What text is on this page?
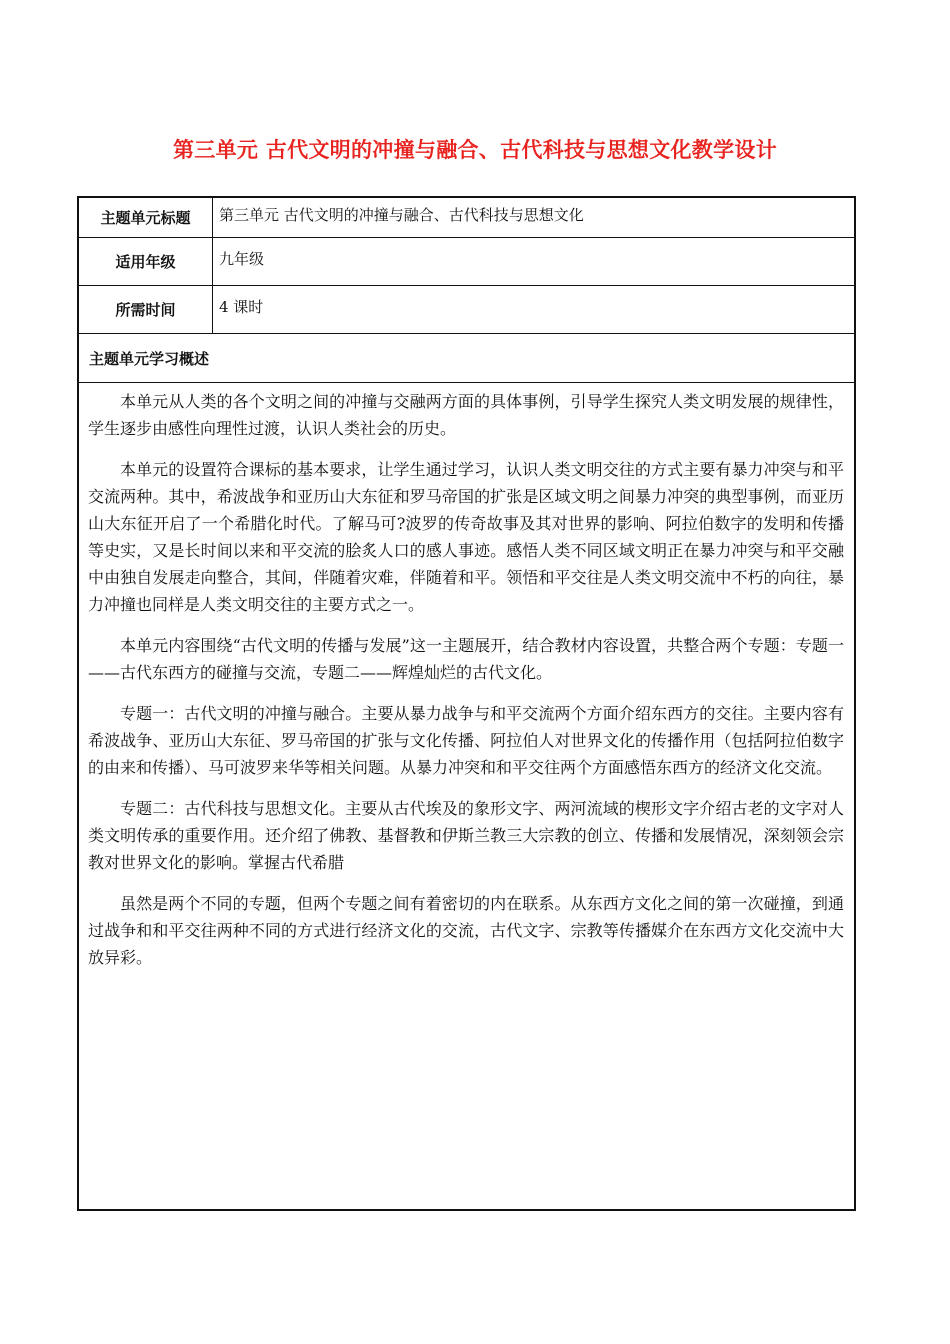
第三单元 古代文明的冲撞与融合、古代科技与思想文化教学设计
主题单元标题	第三单元 古代文明的冲撞与融合、古代科技与思想文化
适用年级	九年级
所需时间	4 课时
主题单元学习概述

本单元从人类的各个文明之间的冲撞与交融两方面的具体事例，引导学生探究人类文明发展的规律性，学生逐步由感性向理性过渡，认识人类社会的历史。

本单元的设置符合课标的基本要求，让学生通过学习，认识人类文明交往的方式主要有暴力冲突与和平交流两种。其中，希波战争和亚历山大东征和罗马帝国的扩张是区域文明之间暴力冲突的典型事例，而亚历山大东征开启了一个希腊化时代。了解马可?波罗的传奇故事及其对世界的影响、阿拉伯数字的发明和传播等史实，又是长时间以来和平交流的脍炙人口的感人事迹。感悟人类不同区域文明正在暴力冲突与和平交融中由独自发展走向整合，其间，伴随着灾难，伴随着和平。领悟和平交往是人类文明交流中不朽的向往，暴力冲撞也同样是人类文明交往的主要方式之一。

本单元内容围绕“古代文明的传播与发展”这一主题展开，结合教材内容设置，共整合两个专题：专题一——古代东西方的碰撞与交流，专题二——辉煌灿烂的古代文化。

专题一：古代文明的冲撞与融合。主要从暴力战争与和平交流两个方面介绍东西方的交往。主要内容有希波战争、亚历山大东征、罗马帝国的扩张与文化传播、阿拉伯人对世界文化的传播作用（包括阿拉伯数字的由来和传播）、马可波罗来华等相关问题。从暴力冲突和和平交往两个方面感悟东西方的经济文化交流。

专题二：古代科技与思想文化。主要从古代埃及的象形文字、两河流域的楔形文字介绍古老的文字对人类文明传承的重要作用。还介绍了佛教、基督教和伊斯兰教三大宗教的创立、传播和发展情况，深刻领会宗教对世界文化的影响。掌握古代希腊

虽然是两个不同的专题，但两个专题之间有着密切的内在联系。从东西方文化之间的第一次碰撞，到通过战争和和平交往两种不同的方式进行经济文化的交流，古代文字、宗教等传播媒介在东西方文化交流中大放异彩。
